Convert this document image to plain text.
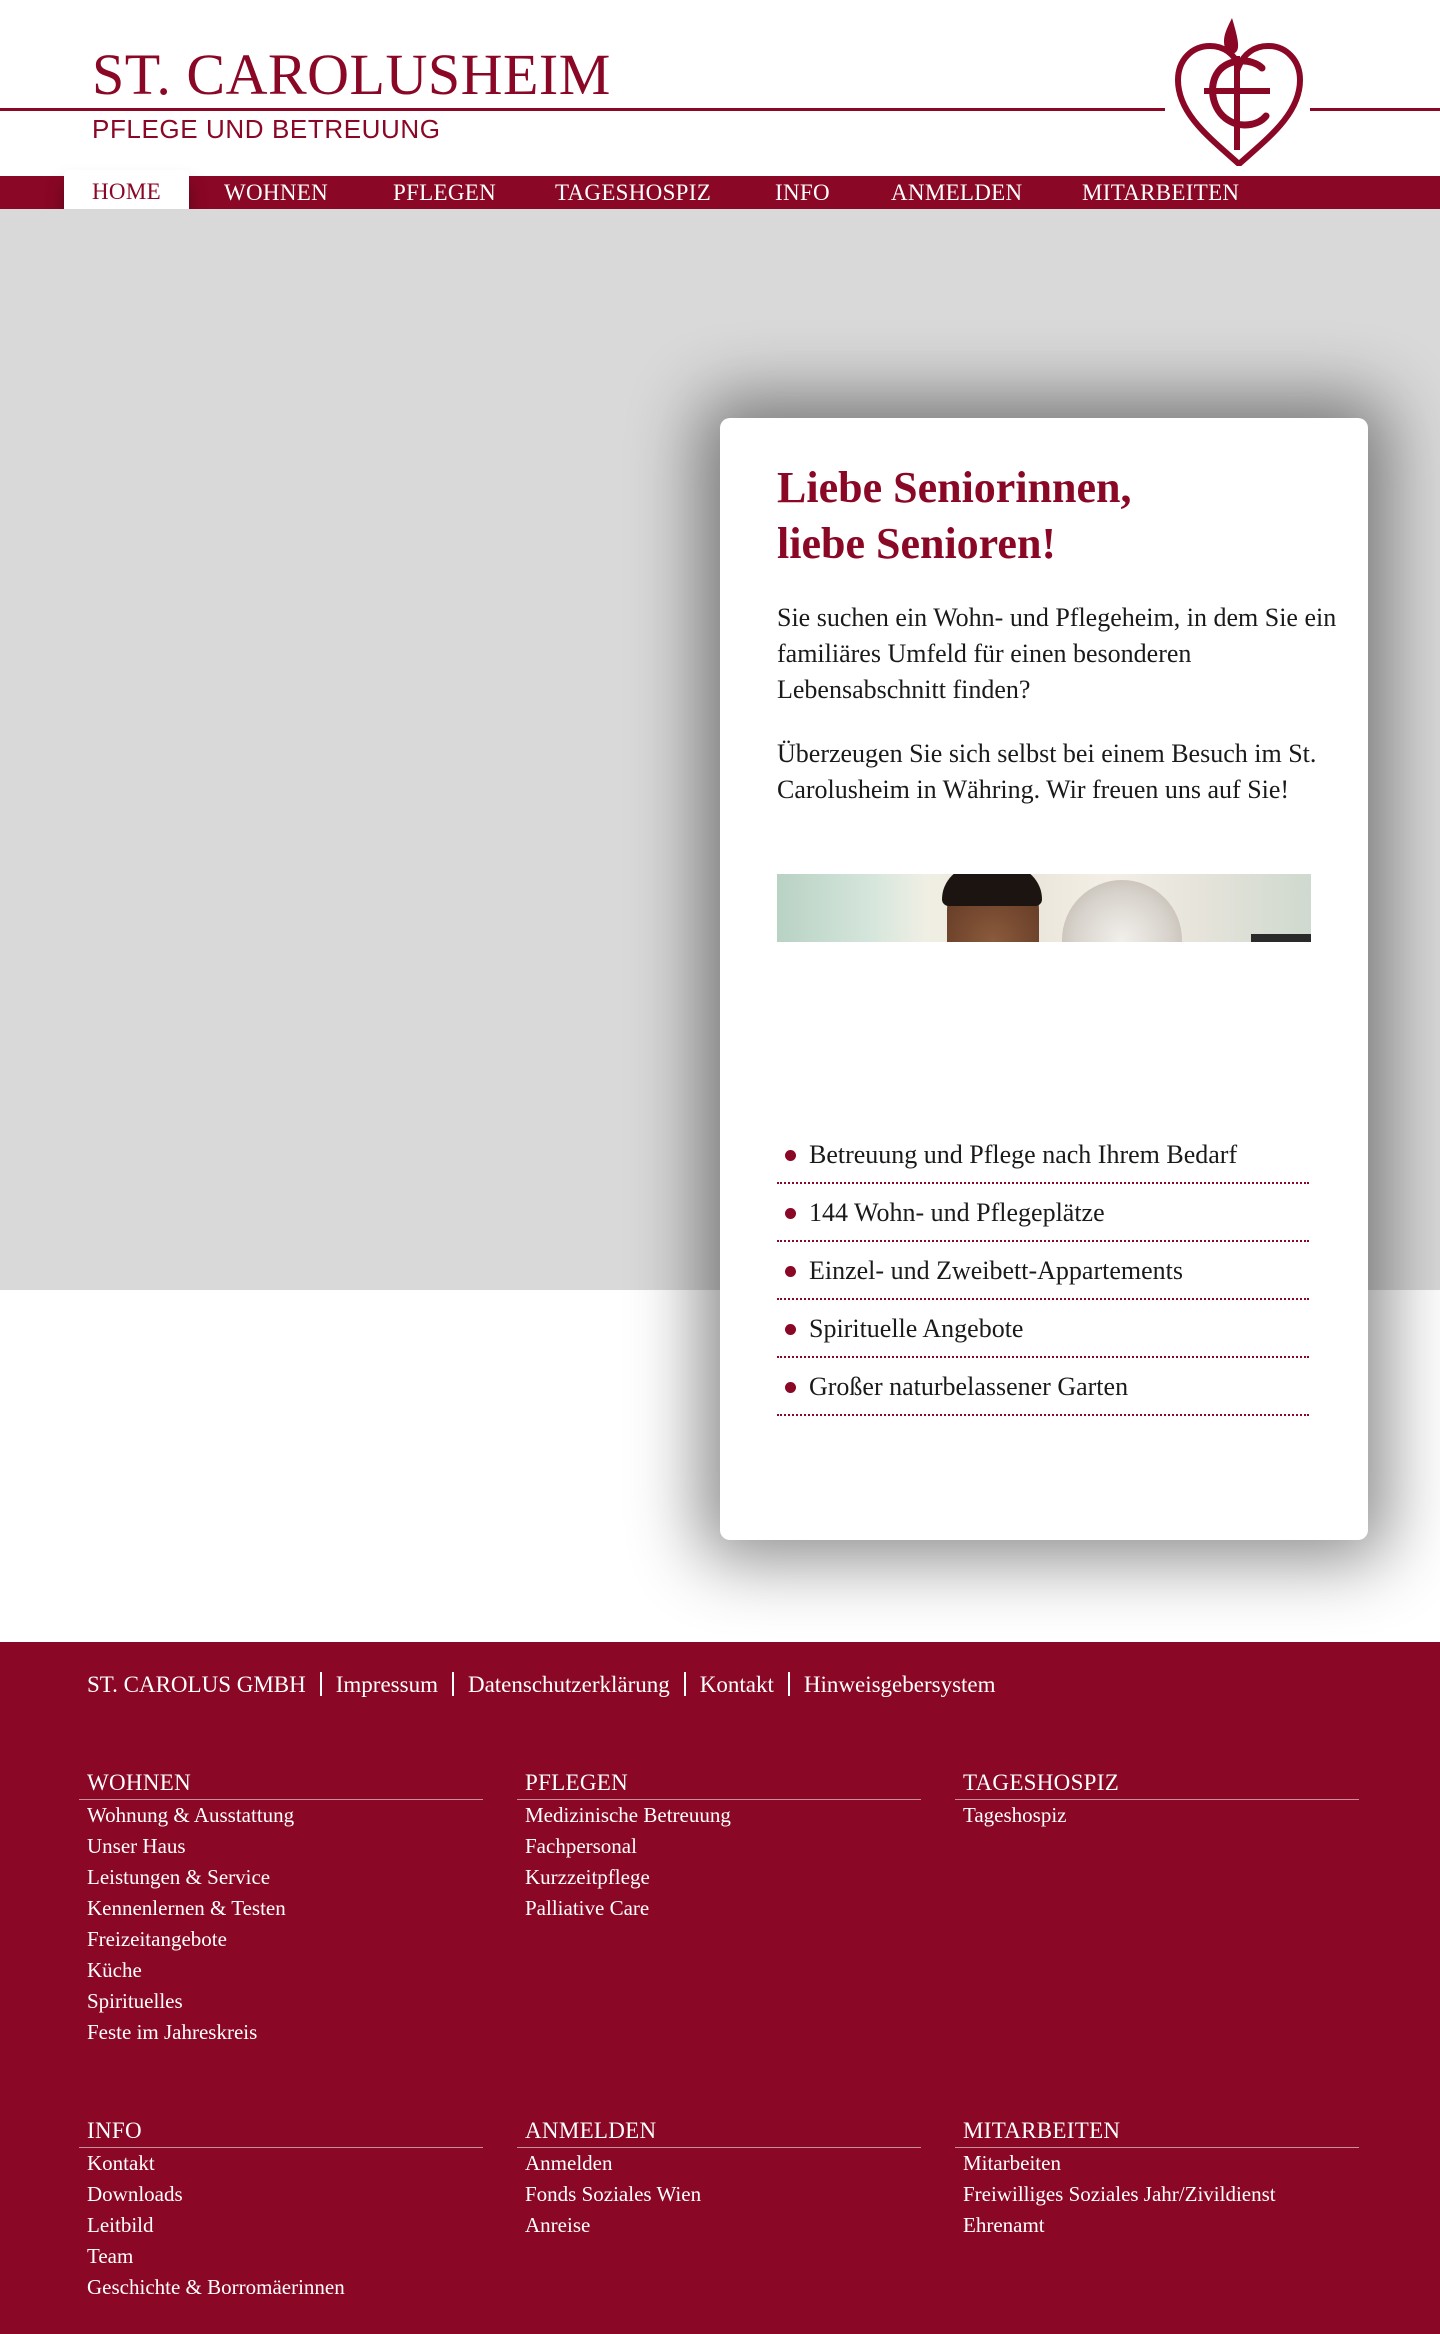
ST. CAROLUSHEIM
PFLEGE UND BETREUUNG
HOME	WOHNEN	PFLEGEN	TAGESHOSPIZ	INFO	ANMELDEN	MITARBEITEN
Liebe Seniorinnen,
liebe Senioren!

Sie suchen ein Wohn- und Pflegeheim, in dem Sie ein familiäres Umfeld für einen besonderen Lebensabschnitt finden?

Überzeugen Sie sich selbst bei einem Besuch im St. Carolusheim in Währing. Wir freuen uns auf Sie!

Betreuung und Pflege nach Ihrem Bedarf
144 Wohn- und Pflegeplätze
Einzel- und Zweibett-Appartements
Spirituelle Angebote
Großer naturbelassener Garten
ST. CAROLUS GMBH Impressum Datenschutzerklärung Kontakt Hinweisgebersystem
WOHNEN
Wohnung & Ausstattung
Unser Haus
Leistungen & Service
Kennenlernen & Testen
Freizeitangebote
Küche
Spirituelles
Feste im Jahreskreis
PFLEGEN
Medizinische Betreuung
Fachpersonal
Kurzzeitpflege
Palliative Care
TAGESHOSPIZ
Tageshospiz
INFO
Kontakt
Downloads
Leitbild
Team
Geschichte & Borromäerinnen
ANMELDEN
Anmelden
Fonds Soziales Wien
Anreise
MITARBEITEN
Mitarbeiten
Freiwilliges Soziales Jahr/Zivildienst
Ehrenamt
